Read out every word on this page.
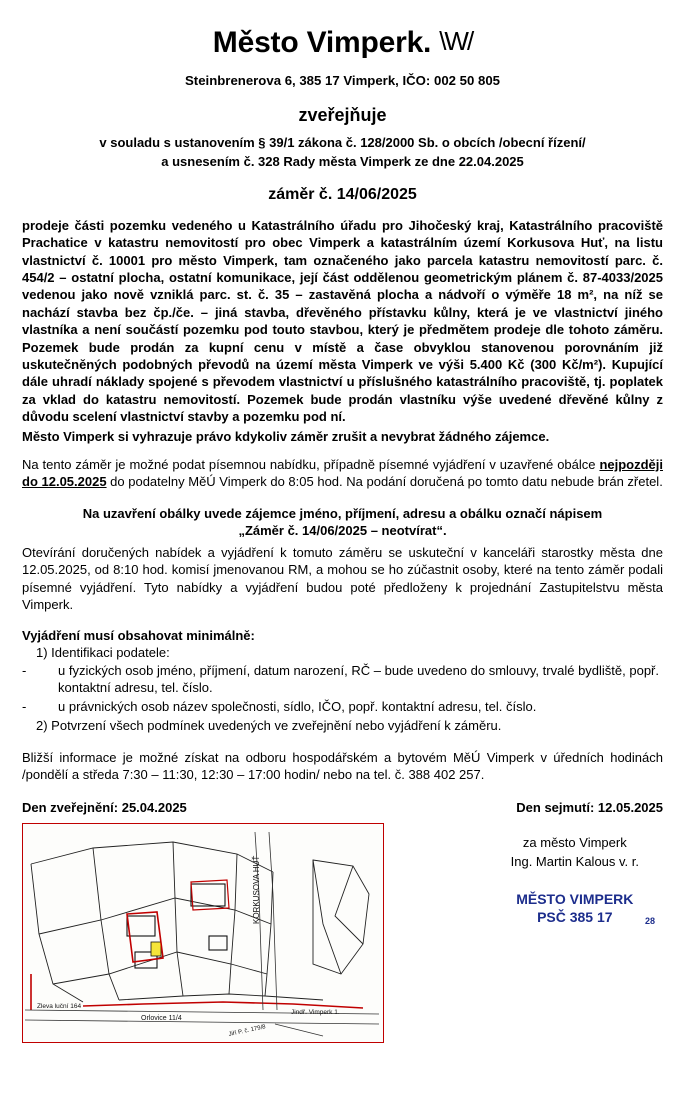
Město Vimperk. \W/
Steinbrenerova 6, 385 17 Vimperk, IČO: 002 50 805
zveřejňuje
v souladu s ustanovením § 39/1 zákona č. 128/2000 Sb. o obcích /obecní řízení/
a usnesením č. 328 Rady města Vimperk ze dne 22.04.2025
záměr č. 14/06/2025
prodeje části pozemku vedeného u Katastrálního úřadu pro Jihočeský kraj, Katastrálního pracoviště Prachatice v katastru nemovitostí pro obec Vimperk a katastrálním území Korkusova Huť, na listu vlastnictví č. 10001 pro město Vimperk, tam označeného jako parcela katastru nemovitostí parc. č. 454/2 – ostatní plocha, ostatní komunikace, její část oddělenou geometrickým plánem č. 87-4033/2025 vedenou jako nově vzniklá parc. st. č. 35 – zastavěná plocha a nádvoří o výměře 18 m², na níž se nachází stavba bez čp./če. – jiná stavba, dřevěného přístavku kůlny, která je ve vlastnictví jiného vlastníka a není součástí pozemku pod touto stavbou, který je předmětem prodeje dle tohoto záměru. Pozemek bude prodán za kupní cenu v místě a čase obvyklou stanovenou porovnáním již uskutečněných podobných převodů na území města Vimperk ve výši 5.400 Kč (300 Kč/m²). Kupující dále uhradí náklady spojené s převodem vlastnictví u příslušného katastrálního pracoviště, tj. poplatek za vklad do katastru nemovitostí. Pozemek bude prodán vlastníku výše uvedené dřevěné kůlny z důvodu scelení vlastnictví stavby a pozemku pod ní.
Město Vimperk si vyhrazuje právo kdykoliv záměr zrušit a nevybrat žádného zájemce.
Na tento záměr je možné podat písemnou nabídku, případně písemné vyjádření v uzavřené obálce nejpozději do 12.05.2025 do podatelny MěÚ Vimperk do 8:05 hod. Na podání doručená po tomto datu nebude brán zřetel.
Na uzavření obálky uvede zájemce jméno, příjmení, adresu a obálku označí nápisem
„Záměr č. 14/06/2025 – neotvírat“.
Otevírání doručených nabídek a vyjádření k tomuto záměru se uskuteční v kanceláři starostky města dne 12.05.2025, od 8:10 hod. komisí jmenovanou RM, a mohou se ho zúčastnit osoby, které na tento záměr podali písemné vyjádření. Tyto nabídky a vyjádření budou poté předloženy k projednání Zastupitelstvu města Vimperk.
Vyjádření musí obsahovat minimálně:
1) Identifikaci podatele:
- u fyzických osob jméno, příjmení, datum narození, RČ – bude uvedeno do smlouvy, trvalé bydliště, popř. kontaktní adresu, tel. číslo.
- u právnických osob název společnosti, sídlo, IČO, popř. kontaktní adresu, tel. číslo.
2) Potvrzení všech podmínek uvedených ve zveřejnění nebo vyjádření k záměru.
Bližší informace je možné získat na odboru hospodářském a bytovém MěÚ Vimperk v úředních hodinách /pondělí a středa 7:30 – 11:30, 12:30 – 17:00 hodin/ nebo na tel. č. 388 402 257.
Den zveřejnění: 25.04.2025	Den sejmutí: 12.05.2025
KORKUSOVA HUŤ
Zleva luční 164
Orlovice 11/4
Jindř. Vimperk 1.
Jiří P. č. 179/8
za město Vimperk
Ing. Martin Kalous v. r.
MĚSTO VIMPERK
PSČ 385 17	28
